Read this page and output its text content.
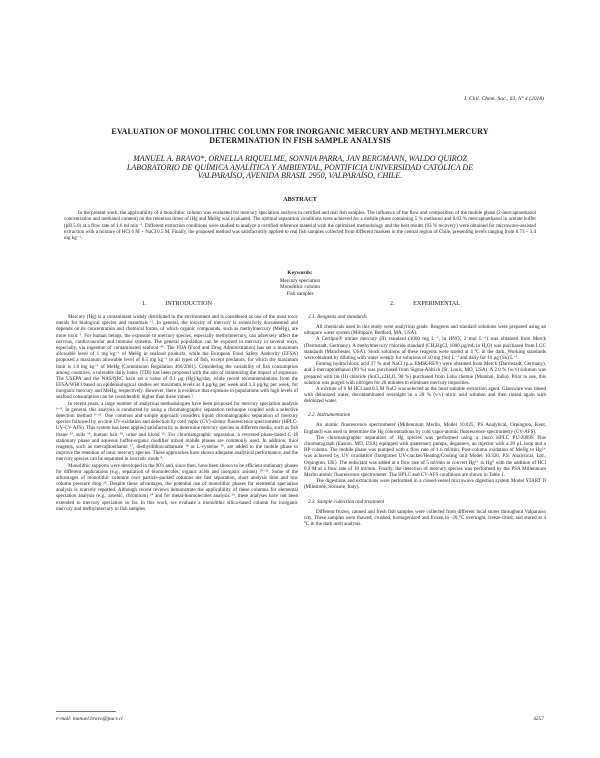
J. Chil. Chem. Soc., 63, Nº 4 (2018)
EVALUATION OF MONOLITHIC COLUMN FOR INORGANIC MERCURY AND METHYLMERCURY
DETERMINATION IN FISH SAMPLE ANALYSIS
MANUEL A. BRAVO*, ORNELLA RIQUELME, SONNIA PARRA, JAN BERGMANN, WALDO QUIROZ
LABORATORIO DE QUÍMICA ANALÍTICA Y AMBIENTAL, PONTIFICIA UNIVERSIDAD CATÓLICA DE
VALPARAÍSO, AVENIDA BRASIL 2950, VALPARAÍSO, CHILE.
ABSTRACT

In the present work, the applicability of a monolithic column was evaluated for mercury speciation analysis in certified and real fish samples. The influence of the flow and composition of the mobile phase (2-mercaptoethanol concentration and methanol content) on the retention times of iHg and MeHg was evaluated. The optimal separation conditions were achieved for a mobile phase containing 5 % methanol and 0.02 % mercaptoethanol in acetate buffer (pH 5.0) at a flow rate of 1.6 ml min⁻¹. Different extraction conditions were studied to analyze a certified reference material with the optimized methodology and the best results (93 % recovery) were obtained for microwave-assisted extraction with a mixture of HCl 6 M + NaCl 0.5 M. Finally, the proposed method was satisfactorily applied to real fish samples collected from different markets in the central region of Chile, presenting levels ranging from 0.73 – 3.4 mg kg⁻¹.

Keywords:
Mercury speciation
Monolithic column
Fish samples
1.   INTRODUCTION

Mercury (Hg) is a contaminant widely distributed in the environment and is considered as one of the most toxic metals for biological species and mammals ¹². In general, the toxicity of mercury is extensively documented and depends on its concentration and chemical forms, of which organic compounds, such as methylmercury (MeHg), are more toxic ³. For human beings, the exposure to mercury species, especially methylmercury, can adversely affect the nervous, cardiovascular and immune systems. The general population can be exposed to mercury in several ways, especially, via ingestion of contaminated seafood ⁴⁵. The FDA (Food and Drug Administration) has set a maximum allowable level of 1 mg kg⁻¹ of MeHg in seafood products, while the European Food Safety Authority (EFSA) proposed a maximum allowable level of 0.5 mg kg⁻¹ in all types of fish, except predators, for which the maximum limit is 1.0 mg kg⁻¹ of MeHg (Commission Regulation 466/2001). Considering the variability of fish consumption among countries, a tolerable daily index (TDI) has been proposed with the aim of minimizing the impact of exposure. The USEPA and the NAS/NRC have set a value of 0.1 µg (Hg)/kg/day, while recent recommendations from the EFSA/WHO based on epidemiological studies set maximum levels at 4 µg/kg per week and 1.3 µg/kg per week, for inorganic mercury and MeHg, respectively. However, there is evidence that exposure in populations with high levels of seafood consumption can be considerably higher than these values ¹.

In recent years, a large number of analytical methodologies have been proposed for mercury speciation analysis ⁶⁻⁸. In general, this analysis is conducted by using a chromatographic separation technique coupled with a selective detection method ⁹⁻¹². One common and simple approach considers liquid chromatographic separation of mercury species followed by on-line UV-oxidation and detection by cold vapor (CV)-atomic fluorescence spectrometer (HPLC-UV-CV-AFS). This system has been applied satisfactorily to determine mercury species in different media, such as fish tissue ¹³, soils ¹⁴, human hair ¹⁵, urine and blood ¹⁶. For chromatographic separation, a reversed phase-based C-18 stationary phase and aqueous buffer-organic modifier mixed mobile phases are commonly used. In addition, thiol reagents, such as mercaptoethanol ¹⁷, diethyldithiocarbamate ¹⁸ or L-cysteine ¹⁹, are added to the mobile phase to improve the retention of ionic mercury species. These approaches have shown adequate analytical performance, and the mercury species can be separated in isocratic mode ⁸.

Monolithic supports were developed in the 90’s and, since then, have been shown to be efficient stationary phases for different applications (e.g., separation of biomolecules, organic acids and inorganic anions) ²⁰⁻²². Some of the advantages of monolithic columns over particle-packed columns are fast separation, short analysis time and low column pressure drop ²³. Despite these advantages, the potential use of monolithic phases for elemental speciation analysis is scarcely reported. Although recent reviews demonstrate the applicability of these columns for elemental speciation analysis (e.g., arsenic, chromium) ²⁴ and for metal-biomolecules analysis ²⁵, these analyses have not been extended to mercury speciation so far. In this work, we evaluate a monolithic silica-based column for inorganic mercury and methylmercury in fish samples.

2.   EXPERIMENTAL
2.1. Reagents and standards

All chemicals used in this study were analytical grade. Reagents and standard solutions were prepared using an ultrapure water system (Millipore, Bedford, MA, USA).

A Certipur® nitrate mercury (II) standard (1000 mg L⁻¹, in HNO₃ 2 mol L⁻¹) was obtained from Merck (Darmstadt, Germany). A methylmercury chloride standard (CH₃HgCl, 1000 µg/mL in H₂O) was purchased from LGC standards (Manchester, USA). Stock solutions of these reagents were stored at 4 ºC in the dark. Working standards were obtained by diluting with water weekly for solutions of 10 mg (Sn) L⁻¹ and daily for 10 µg (Sn) L⁻¹.

Fuming hydrochloric acid 37 % and NaCl (p.a. EMSURE®) were obtained from Merck (Darmstadt, Germany), and 2-mercaptoethanol (99 %) was purchased from Sigma-Aldrich (St. Louis, MO, USA). A 2.0 % (w/v) solution was prepared with tin (II) chloride (SnCl₂x2H₂O, 98 %) purchased from Loba chemie (Mumbai, India). Prior to use, this solution was purged with nitrogen for 20 minutes to eliminate mercury impurities.

A mixture of 6 M HCl and 0.5 M NaCl was selected as the most suitable extraction agent. Glassware was rinsed with deionized water, decontaminated overnight in a 20 % (v/v) nitric acid solution and then rinsed again with deionized water.

2.2. Instrumentation

An atomic fluorescence spectrometer (Millennium Merlin, Model 10.025, PS Analytical, Orpington, Kent, England) was used to determine the Hg concentrations by cold vapor-atomic fluorescence spectrometry (CV-AFS).

The chromatographic separation of Hg species was performed using a Jasco HPLC PU-2089S Plus chromatograph (Easton, MD, USA) equipped with quaternary pumps, degassers, an injector with a 20 µL loop and a RP-column. The mobile phase was pumped with a flow rate of 1.6 ml/min. Post-column oxidation of MeHg to Hg²⁺ was achieved by UV irradiation (Integrated UV-cracker/Heating/Cooling unit Model 10.320, P.S. Analytical, Ltd., Orpington, UK). The reductant was added at a flow rate of 5 ml/min to convert Hg²⁺ to Hg⁰ with the addition of HCl 0.3 M at a flow rate of 10 ml/min. Finally, the detection of mercury species was performed by the PSA Millennium Merlin atomic fluorescence spectrometer. The HPLC and CV-AFS conditions are shown in Table 1.

The digestions and extractions were performed in a closed-vessel microwave digestion system Model START D (Milestone, Sorisole, Italy).

2.3. Sample collection and treatment

Different frozen, canned and fresh fish samples were collected from different local stores throughout Valparaíso city. These samples were thawed, crushed, homogenized and frozen to -20 °C overnight, freeze-dried, and stored at 4 °C in the dark until analysis.

e-mail: manuel.bravo@pucv.cl	4257
